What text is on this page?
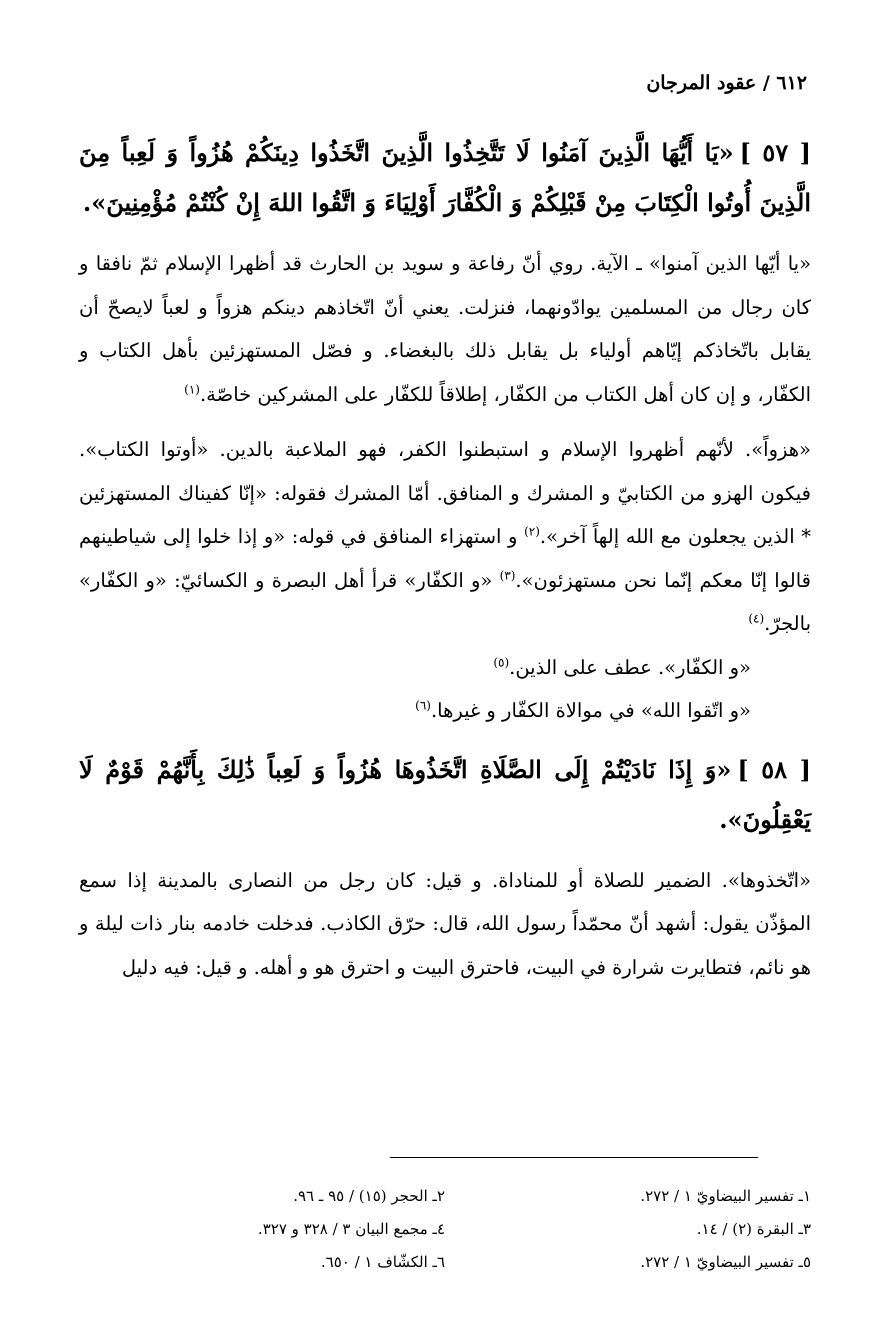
٦١٢ / عقود المرجان

[ ٥٧ ]«يَا أَيُّهَا الَّذِينَ آمَنُوا لَا تَتَّخِذُوا الَّذِينَ اتَّخَذُوا دِينَكُمْ هُزُواً وَ لَعِباً مِنَ الَّذِينَ أُوتُوا الْكِتَابَ مِنْ قَبْلِكُمْ وَ الْكُفَّارَ أَوْلِيَاءَ وَ اتَّقُوا اللهَ إِنْ كُنْتُمْ مُؤْمِنِينَ».

«يا أيّها الذين آمنوا» ـ الآية. روي أنّ رفاعة و سويد بن الحارث قد أظهرا الإسلام ثمّ نافقا و كان رجال من المسلمين يوادّونهما، فنزلت. يعني أنّ اتّخاذهم دينكم هزواً و لعباً لايصحّ أن يقابل باتّخاذكم إيّاهم أولياء بل يقابل ذلك بالبغضاء. و فصّل المستهزئين بأهل الكتاب و الكفّار، و إن كان أهل الكتاب من الكفّار، إطلاقاً للكفّار على المشركين خاصّة.$^{(١)}$

«هزواً». لأنّهم أظهروا الإسلام و استبطنوا الكفر، فهو الملاعبة بالدين. «أوتوا الكتاب». فيكون الهزو من الكتابيّ و المشرك و المنافق. أمّا المشرك فقوله: «إنّا كفيناك المستهزئين * الذين يجعلون مع الله إلهاً آخر».$^{(٢)}$ و استهزاء المنافق في قوله: «و إذا خلوا إلى شياطينهم قالوا إنّا معكم إنّما نحن مستهزئون».$^{(٣)}$ «و الكفّار» قرأ أهل البصرة و الكسائيّ: «و الكفّار» بالجرّ.$^{(٤)}$

«و الكفّار». عطف على الذين.$^{(٥)}$

«و اتّقوا الله» في موالاة الكفّار و غيرها.$^{(٦)}$

[ ٥٨ ]«وَ إِذَا نَادَيْتُمْ إِلَى الصَّلَاةِ اتَّخَذُوهَا هُزُواً وَ لَعِباً ذَٰلِكَ بِأَنَّهُمْ قَوْمٌ لَا يَعْقِلُونَ».

«اتّخذوها». الضمير للصلاة أو للمناداة. و قيل: كان رجل من النصارى بالمدينة إذا سمع المؤذّن يقول: أشهد أنّ محمّداً رسول الله، قال: حرّق الكاذب. فدخلت خادمه بنار ذات ليلة و هو نائم، فتطايرت شرارة في البيت، فاحترق البيت و احترق هو و أهله. و قيل: فيه دليل

١ـ تفسير البيضاويّ ١ / ٢٧٢.
٢ـ الحجر (١٥) / ٩٥ ـ ٩٦.
٣ـ البقرة (٢) / ١٤.
٤ـ مجمع البيان ٣ / ٣٢٨ و ٣٢٧.
٥ـ تفسير البيضاويّ ١ / ٢٧٢.
٦ـ الكشّاف ١ / ٦٥٠.
